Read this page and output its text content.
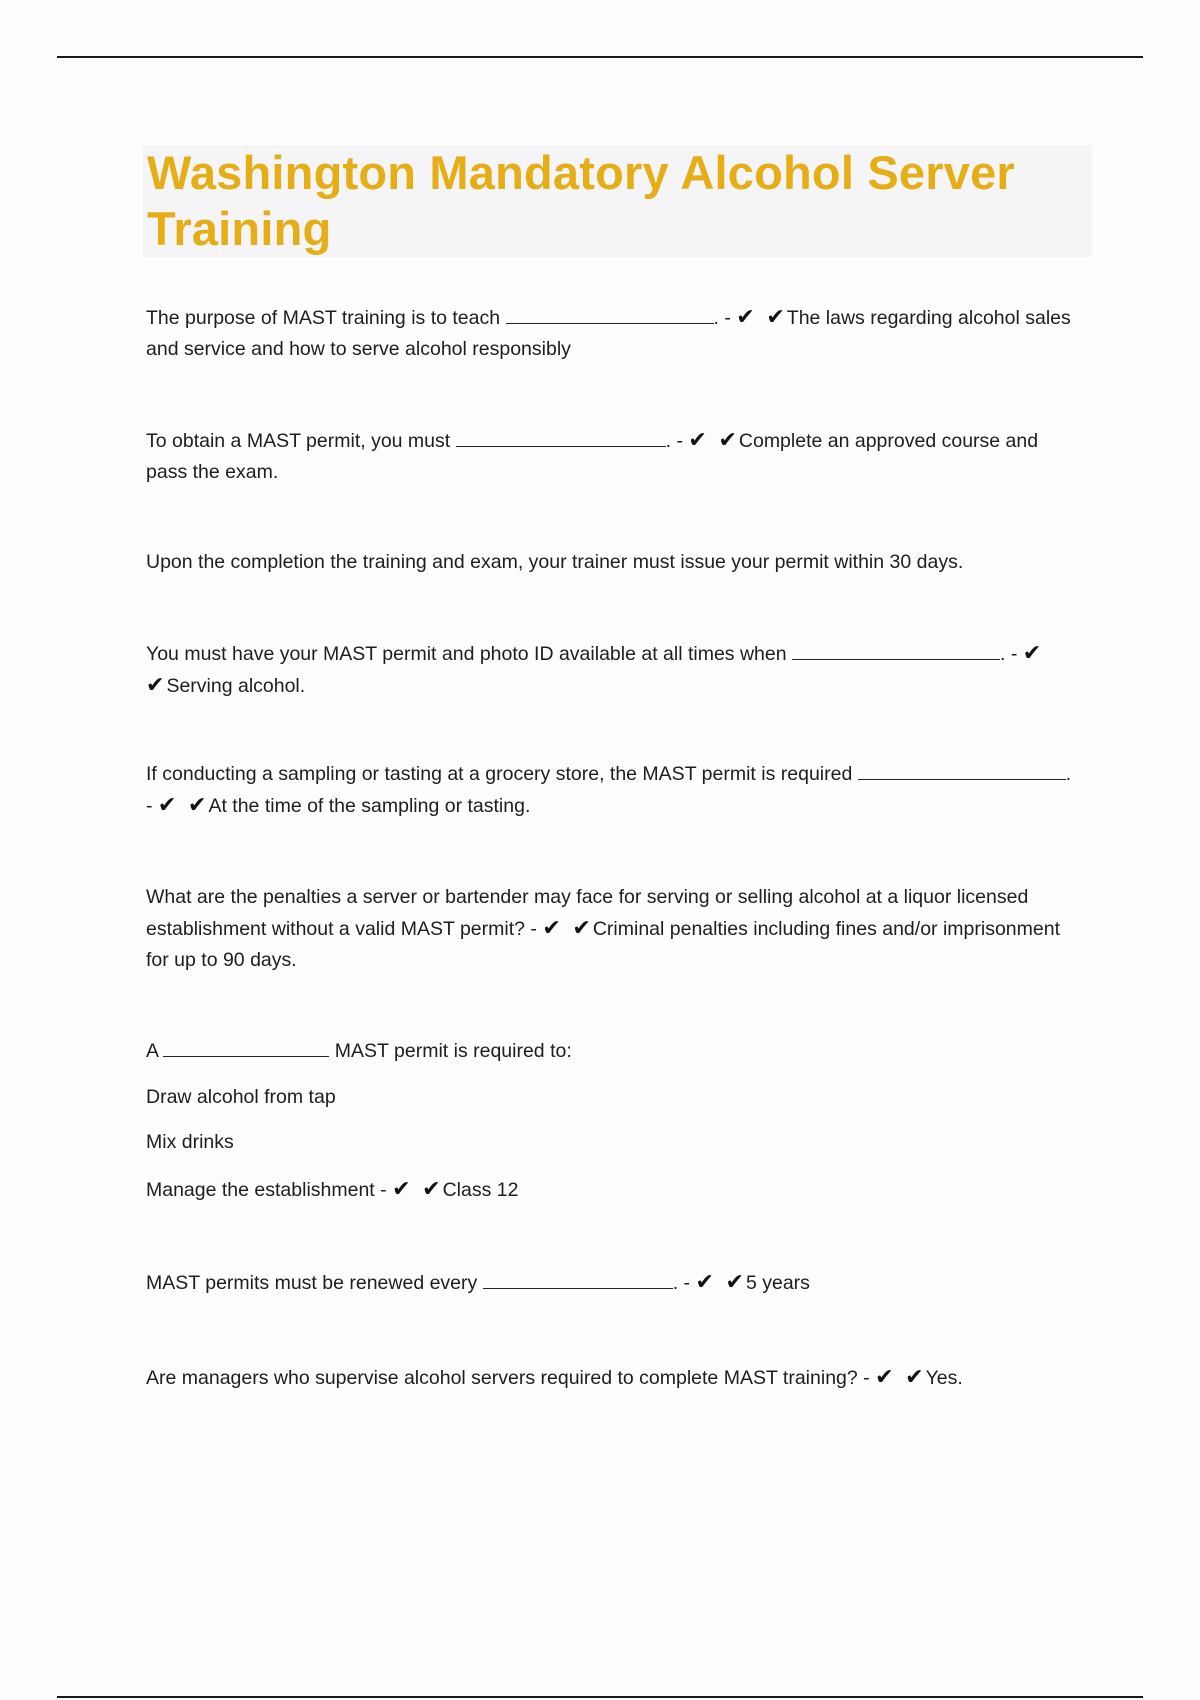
Washington Mandatory Alcohol Server Training

The purpose of MAST training is to teach	. - ✔ ✔The laws regarding alcohol sales and service and how to serve alcohol responsibly

To obtain a MAST permit, you must	. - ✔ ✔Complete an approved course and pass the exam.

Upon the completion the training and exam, your trainer must issue your permit within 30 days.

You must have your MAST permit and photo ID available at all times when	. - ✔ ✔Serving alcohol.

If conducting a sampling or tasting at a grocery store, the MAST permit is required	. - ✔ ✔At the time of the sampling or tasting.

What are the penalties a server or bartender may face for serving or selling alcohol at a liquor licensed establishment without a valid MAST permit? - ✔ ✔Criminal penalties including fines and/or imprisonment for up to 90 days.

A	MAST permit is required to:

Draw alcohol from tap

Mix drinks

Manage the establishment - ✔ ✔Class 12

MAST permits must be renewed every	. - ✔ ✔5 years

Are managers who supervise alcohol servers required to complete MAST training? - ✔ ✔Yes.
